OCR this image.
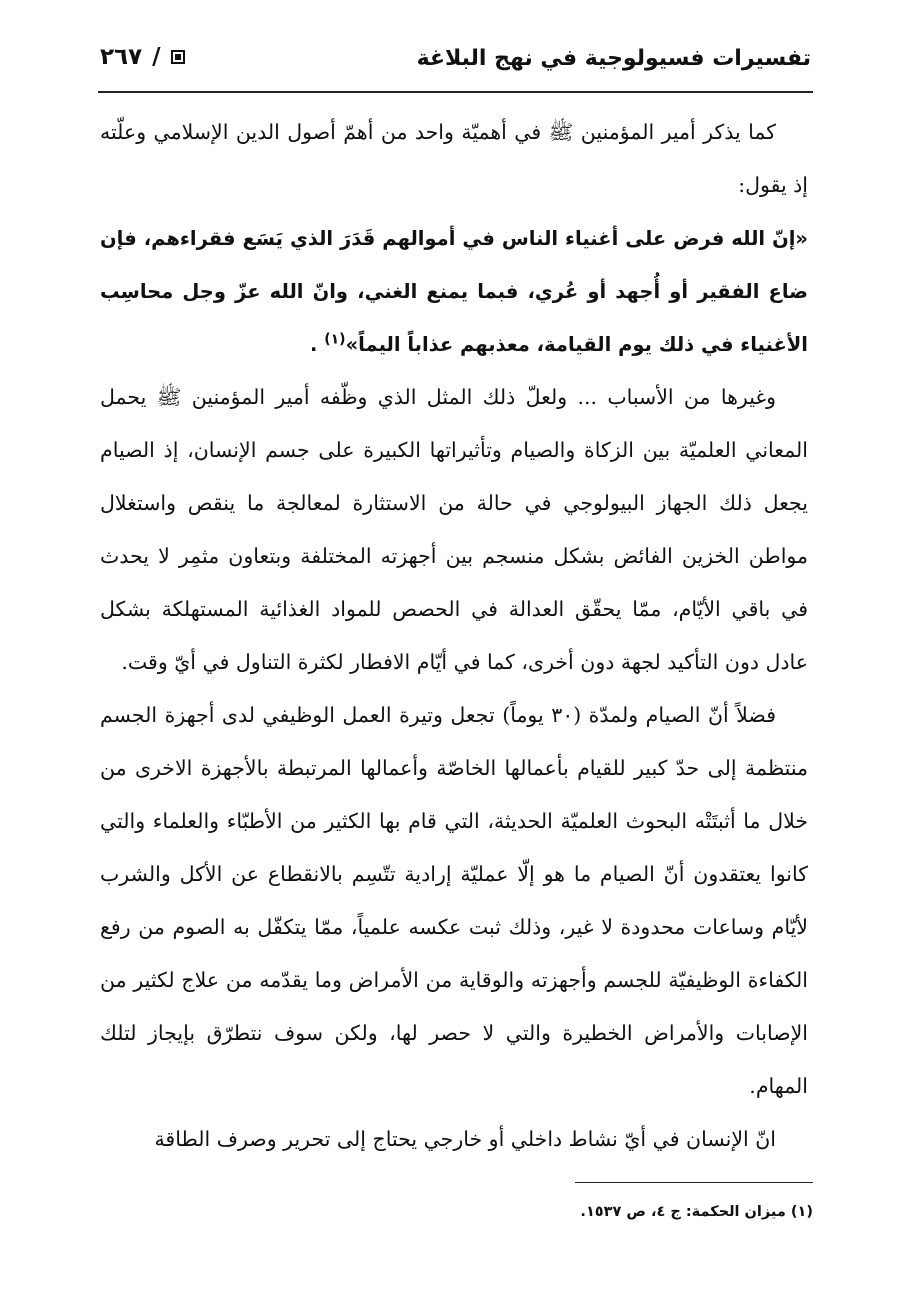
تفسيرات فسيولوجية في نهج البلاغة
٢٦٧ /

كما يذكر أمير المؤمنين ﷺ في أهميّة واحد من أهمّ أصول الدين الإسلامي وعلّته إذ يقول:

«إنّ الله فرض على أغنياء الناس في أموالهم قَدَرَ الذي يَسَع فقراءهم، فإن ضاع الفقير أو أُجهد أو عُري، فبما يمنع الغني، وانّ الله عزّ وجل محاسِب الأغنياء في ذلك يوم القيامة، معذبهم عذاباً اليماً»$^{(١)}$ .

وغيرها من الأسباب ... ولعلّ ذلك المثل الذي وظّفه أمير المؤمنين ﷺ يحمل المعاني العلميّة بين الزكاة والصيام وتأثيراتها الكبيرة على جسم الإنسان، إذ الصيام يجعل ذلك الجهاز البيولوجي في حالة من الاستثارة لمعالجة ما ينقص واستغلال مواطن الخزين الفائض بشكل منسجم بين أجهزته المختلفة وبتعاون مثمِر لا يحدث في باقي الأيّام، ممّا يحقّق العدالة في الحصص للمواد الغذائية المستهلكة بشكل عادل دون التأكيد لجهة دون أخرى، كما في أيّام الافطار لكثرة التناول في أيّ وقت.

فضلاً أنّ الصيام ولمدّة (٣٠ يوماً) تجعل وتيرة العمل الوظيفي لدى أجهزة الجسم منتظمة إلى حدّ كبير للقيام بأعمالها الخاصّة وأعمالها المرتبطة بالأجهزة الاخرى من خلال ما أثبتَتْه البحوث العلميّة الحديثة، التي قام بها الكثير من الأطبّاء والعلماء والتي كانوا يعتقدون أنّ الصيام ما هو إلّا عمليّة إرادية تتّسِم بالانقطاع عن الأكل والشرب لأيّام وساعات محدودة لا غير، وذلك ثبت عكسه علمياً، ممّا يتكفّل به الصوم من رفع الكفاءة الوظيفيّة للجسم وأجهزته والوقاية من الأمراض وما يقدّمه من علاج لكثير من الإصابات والأمراض الخطيرة والتي لا حصر لها، ولكن سوف نتطرّق بإيجاز لتلك المهام.

انّ الإنسان في أيّ نشاط داخلي أو خارجي يحتاج إلى تحرير وصرف الطاقة

(١) ميزان الحكمة: ج ٤، ص ١٥٣٧.
